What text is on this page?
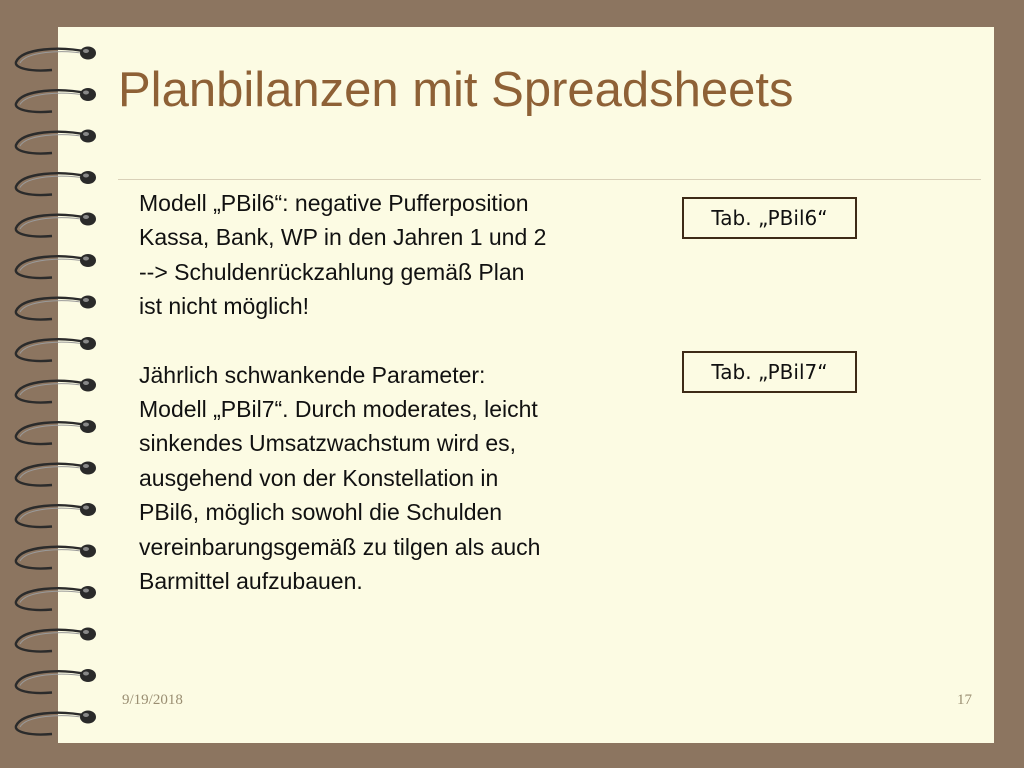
Planbilanzen mit Spreadsheets
Modell „PBil6“: negative Pufferposition
Kassa, Bank, WP in den Jahren 1 und 2
--> Schuldenrückzahlung gemäß Plan
ist nicht möglich!
Jährlich schwankende Parameter:
Modell „PBil7“. Durch moderates, leicht
sinkendes Umsatzwachstum wird es,
ausgehend von der Konstellation in
PBil6, möglich sowohl die Schulden
vereinbarungsgemäß zu tilgen als auch
Barmittel aufzubauen.
Tab. „PBil6“
Tab. „PBil7“
9/19/2018	17
